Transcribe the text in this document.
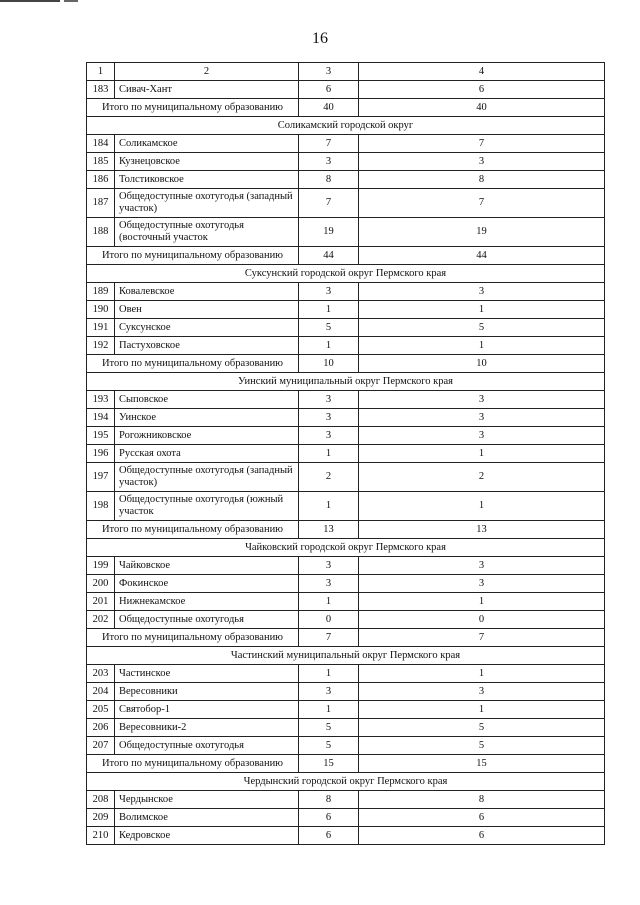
16
1	2	3	4
183	Сивач-Хант	6	6
Итого по муниципальному образованию		40	40
Соликамский городской округ			
184	Соликамское	7	7
185	Кузнецовское	3	3
186	Толстиковское	8	8
187	Общедоступные охотугодья (западный участок)	7	7
188	Общедоступные охотугодья (восточный участок	19	19
Итого по муниципальному образованию		44	44
Суксунский городской округ Пермского края			
189	Ковалевское	3	3
190	Овен	1	1
191	Суксунское	5	5
192	Пастуховское	1	1
Итого по муниципальному образованию		10	10
Уинский муниципальный округ Пермского края			
193	Сыповское	3	3
194	Уинское	3	3
195	Рогожниковское	3	3
196	Русская охота	1	1
197	Общедоступные охотугодья (западный участок)	2	2
198	Общедоступные охотугодья (южный участок	1	1
Итого по муниципальному образованию		13	13
Чайковский городской округ Пермского края			
199	Чайковское	3	3
200	Фокинское	3	3
201	Нижнекамское	1	1
202	Общедоступные охотугодья	0	0
Итого по муниципальному образованию		7	7
Частинский муниципальный округ Пермского края			
203	Частинское	1	1
204	Вересовники	3	3
205	Святобор-1	1	1
206	Вересовники-2	5	5
207	Общедоступные охотугодья	5	5
Итого по муниципальному образованию		15	15
Чердынский городской округ Пермского края			
208	Чердынское	8	8
209	Волимское	6	6
210	Кедровское	6	6
